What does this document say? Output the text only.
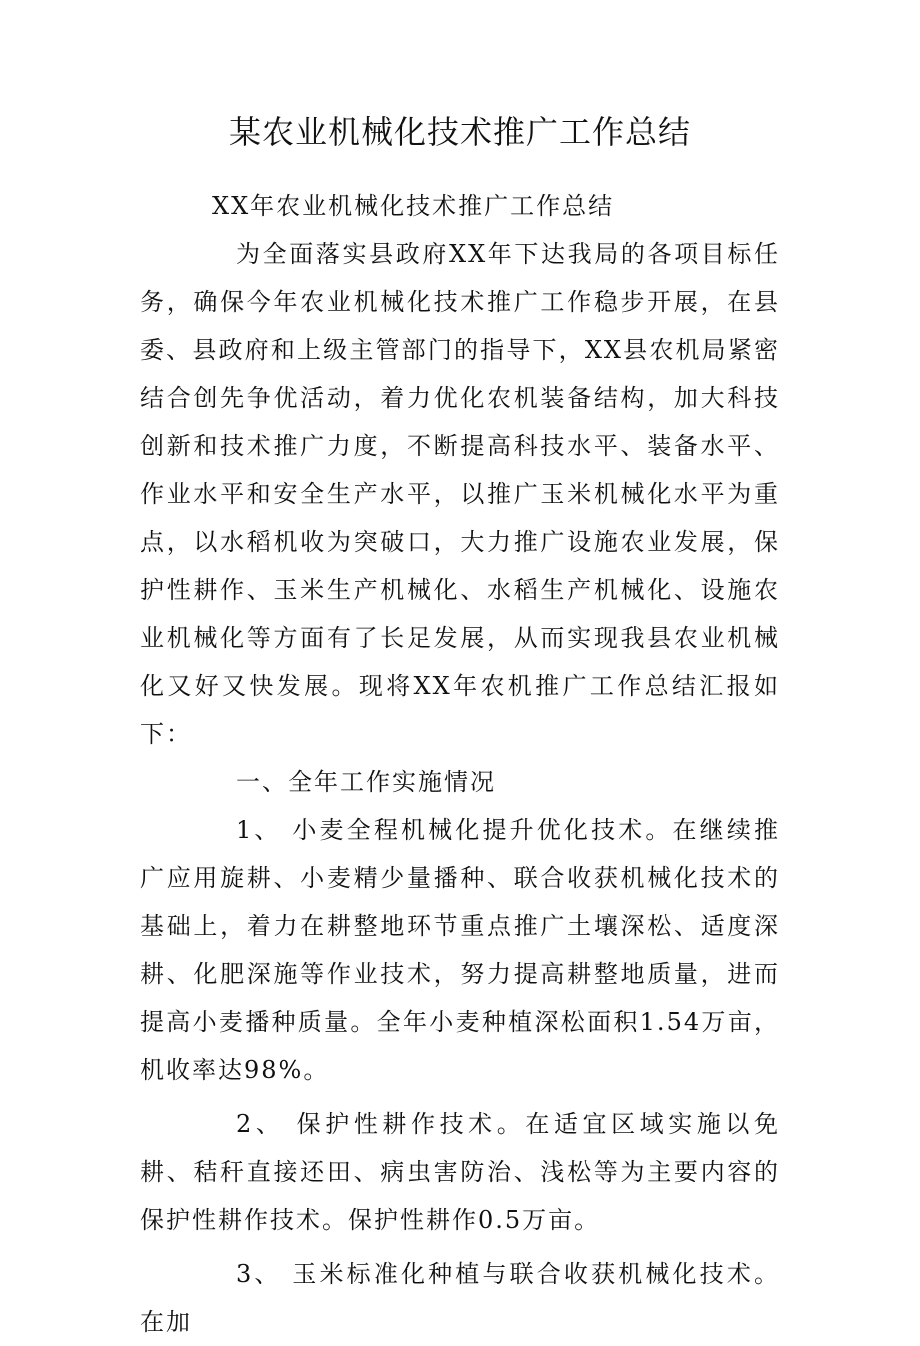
某农业机械化技术推广工作总结

XX年农业机械化技术推广工作总结

为全面落实县政府XX年下达我局的各项目标任务，确保今年农业机械化技术推广工作稳步开展，在县委、县政府和上级主管部门的指导下，XX县农机局紧密结合创先争优活动，着力优化农机装备结构，加大科技创新和技术推广力度，不断提高科技水平、装备水平、作业水平和安全生产水平，以推广玉米机械化水平为重点，以水稻机收为突破口，大力推广设施农业发展，保护性耕作、玉米生产机械化、水稻生产机械化、设施农业机械化等方面有了长足发展，从而实现我县农业机械化又好又快发展。现将XX年农机推广工作总结汇报如下：

一、全年工作实施情况

1、 小麦全程机械化提升优化技术。在继续推广应用旋耕、小麦精少量播种、联合收获机械化技术的基础上，着力在耕整地环节重点推广土壤深松、适度深耕、化肥深施等作业技术，努力提高耕整地质量，进而提高小麦播种质量。全年小麦种植深松面积1.54万亩，机收率达98%。

2、 保护性耕作技术。在适宜区域实施以免耕、秸秆直接还田、病虫害防治、浅松等为主要内容的保护性耕作技术。保护性耕作0.5万亩。

3、 玉米标准化种植与联合收获机械化技术。在加
